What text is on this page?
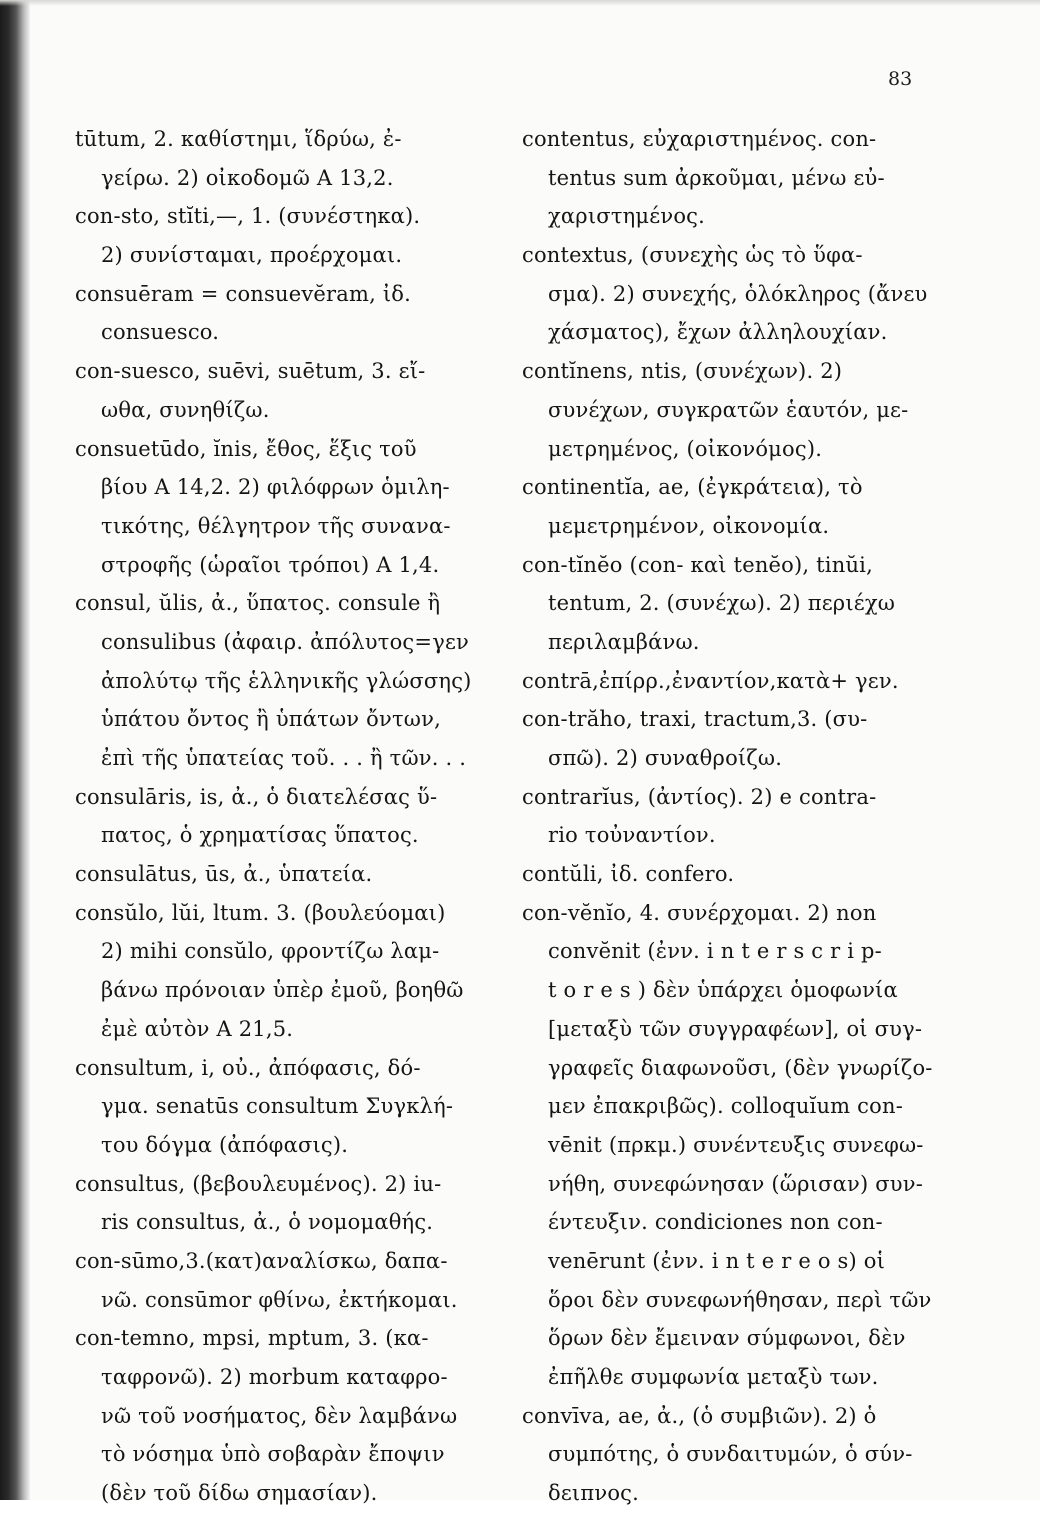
83
tūtum, 2. καθίστημι, ἵδρύω, ἐ-
γείρω. 2) οἰκοδομῶ A 13,2.
con-sto, stĭti,—, 1. (συνέστηκα).
2) συνίσταμαι, προέρχομαι.
consuēram = consuevĕram, ἰδ.
consuesco.
con-suesco, suēvi, suētum, 3. εἴ-
ωθα, συνηθίζω.
consuetūdo, ĭnis, ἔθος, ἕξις τοῦ
βίου A 14,2. 2) φιλόφρων ὁμιλη-
τικότης, θέλγητρον τῆς συνανα-
στροφῆς (ὡραῖοι τρόποι) A 1,4.
consul, ŭlis, ἀ., ὕπατος. consule ἢ
consulibus (ἀφαιρ. ἀπόλυτος=γεν
ἀπολύτῳ τῆς ἑλληνικῆς γλώσσης)
ὑπάτου ὄντος ἢ ὑπάτων ὄντων,
ἐπὶ τῆς ὑπατείας τοῦ. . . ἢ τῶν. . .
consulāris, is, ἀ., ὁ διατελέσας ὕ-
πατος, ὁ χρηματίσας ὕπατος.
consulātus, ūs, ἀ., ὑπατεία.
consŭlo, lŭi, ltum. 3. (βουλεύομαι)
2) mihi consŭlo, φροντίζω λαμ-
βάνω πρόνοιαν ὑπὲρ ἐμοῦ, βοηθῶ
ἐμὲ αὐτὸν A 21,5.
consultum, i, οὐ., ἀπόφασις, δό-
γμα. senatūs consultum Συγκλή-
του δόγμα (ἀπόφασις).
consultus, (βεβουλευμένος). 2) iu-
ris consultus, ἀ., ὁ νομομαθής.
con-sūmo,3.(κατ)αναλίσκω, δαπα-
νῶ. consūmor φθίνω, ἐκτήκομαι.
con-temno, mpsi, mptum, 3. (κα-
ταφρονῶ). 2) morbum καταφρο-
νῶ τοῦ νοσήματος, δὲν λαμβάνω
τὸ νόσημα ὑπὸ σοβαρὰν ἔποψιν
(δὲν τοῦ δίδω σημασίαν).
contentus, εὐχαριστημένος. con-
tentus sum ἀρκοῦμαι, μένω εὐ-
χαριστημένος.
contextus, (συνεχὴς ὡς τὸ ὕφα-
σμα). 2) συνεχής, ὁλόκληρος (ἄνευ
χάσματος), ἔχων ἀλληλουχίαν.
contĭnens, ntis, (συνέχων). 2)
συνέχων, συγκρατῶν ἑαυτόν, με-
μετρημένος, (οἰκονόμος).
continentĭa, ae, (ἐγκράτεια), τὸ
μεμετρημένον, οἰκονομία.
con-tĭnĕo (con- καὶ tenĕo), tinŭi,
tentum, 2. (συνέχω). 2) περιέχω
περιλαμβάνω.
contrā,ἐπίρρ.,ἐναντίον,κατὰ+ γεν.
con-trăho, traxi, tractum,3. (συ-
σπῶ). 2) συναθροίζω.
contrarĭus, (ἀντίος). 2) e contra-
rio τοὐναντίον.
contŭli, ἰδ. confero.
con-vĕnĭo, 4. συνέρχομαι. 2) non
convĕnit (ἐνν. i n t e r s c r i p-
t o r e s ) δὲν ὑπάρχει ὁμοφωνία
[μεταξὺ τῶν συγγραφέων], οἱ συγ-
γραφεῖς διαφωνοῦσι, (δὲν γνωρίζο-
μεν ἐπακριβῶς). colloquĭum con-
vēnit (πρκμ.) συνέντευξις συνεφω-
νήθη, συνεφώνησαν (ὥρισαν) συν-
έντευξιν. condiciones non con-
venērunt (ἐνν. i n t e r e o s) οἱ
ὅροι δὲν συνεφωνήθησαν, περὶ τῶν
ὅρων δὲν ἔμειναν σύμφωνοι, δὲν
ἐπῆλθε συμφωνία μεταξὺ των.
convīva, ae, ἀ., (ὁ συμβιῶν). 2) ὁ
συμπότης, ὁ συνδαιτυμών, ὁ σύν-
δειπνος.
